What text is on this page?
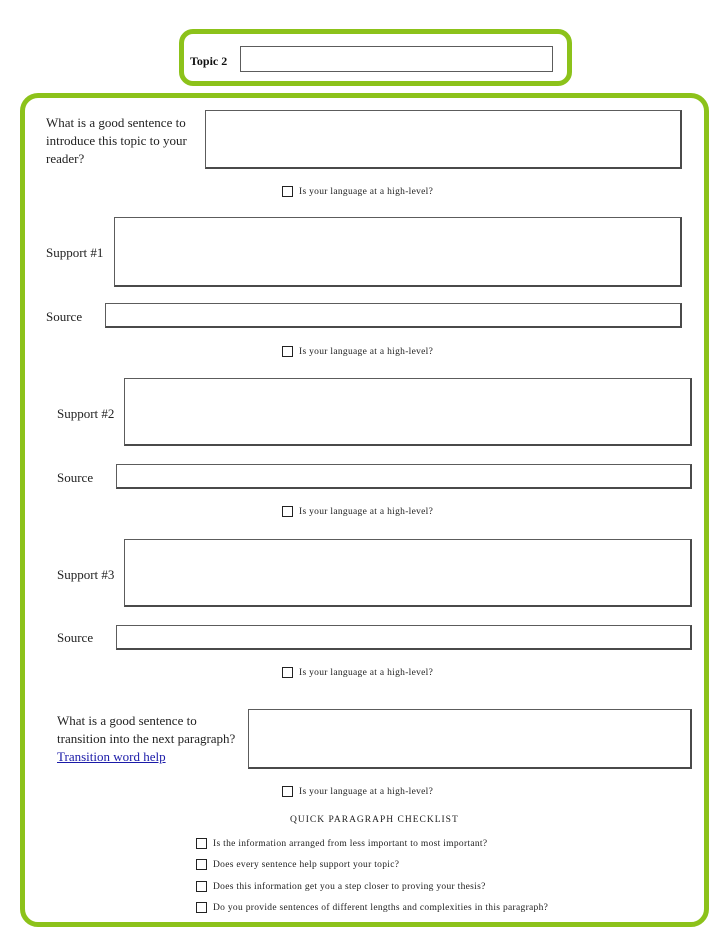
Topic 2
What is a good sentence to introduce this topic to your reader?
Is your language at a high-level?
Support #1
Source
Is your language at a high-level?
Support #2
Source
Is your language at a high-level?
Support #3
Source
Is your language at a high-level?
What is a good sentence to transition into the next paragraph? Transition word help
Is your language at a high-level?
QUICK PARAGRAPH CHECKLIST
Is the information arranged from less important to most important?
Does every sentence help support your topic?
Does this information get you a step closer to proving your thesis?
Do you provide sentences of different lengths and complexities in this paragraph?
